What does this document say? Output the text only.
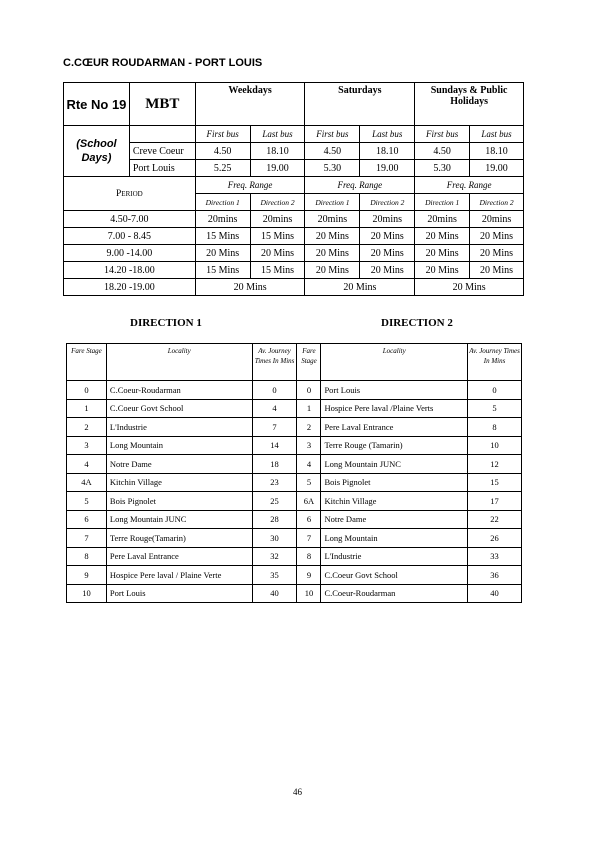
C.CŒUR ROUDARMAN - PORT LOUIS
Rte No 19	MBT	Weekdays		Saturdays		Sundays & Public Holidays	

(School Days)		First bus	Last bus	First bus	Last bus	First bus	Last bus
	Creve Coeur	4.50	18.10	4.50	18.10	4.50	18.10
	Port Louis	5.25	19.00	5.30	19.00	5.30	19.00
Period		Freq. Range		Freq. Range		Freq. Range	
		Direction 1	Direction 2	Direction 1	Direction 2	Direction 1	Direction 2
4.50-7.00		20mins	20mins	20mins	20mins	20mins	20mins
7.00 - 8.45		15 Mins	15 Mins	20 Mins	20 Mins	20 Mins	20 Mins
9.00 -14.00		20 Mins	20 Mins	20 Mins	20 Mins	20 Mins	20 Mins
14.20 -18.00		15 Mins	15 Mins	20 Mins	20 Mins	20 Mins	20 Mins
18.20 -19.00		20 Mins		20 Mins		20 Mins	
DIRECTION 1	DIRECTION 2
Fare Stage	Locality	Av. Journey Times In Mins	Fare Stage	Locality	Av. Journey Times In Mins
0	C.Coeur-Roudarman	0	0	Port Louis	0
1	C.Coeur Govt School	4	1	Hospice Pere laval /Plaine Verts	5
2	L'Industrie	7	2	Pere Laval Entrance	8
3	Long Mountain	14	3	Terre Rouge (Tamarin)	10
4	Notre Dame	18	4	Long Mountain JUNC	12
4A	Kitchin Village	23	5	Bois Pignolet	15
5	Bois Pignolet	25	6A	Kitchin Village	17
6	Long Mountain JUNC	28	6	Notre Dame	22
7	Terre Rouge(Tamarin)	30	7	Long Mountain	26
8	Pere Laval Entrance	32	8	L'Industrie	33
9	Hospice Pere laval / Plaine Verte	35	9	C.Coeur Govt School	36
10	Port Louis	40	10	C.Coeur-Roudarman	40
46
